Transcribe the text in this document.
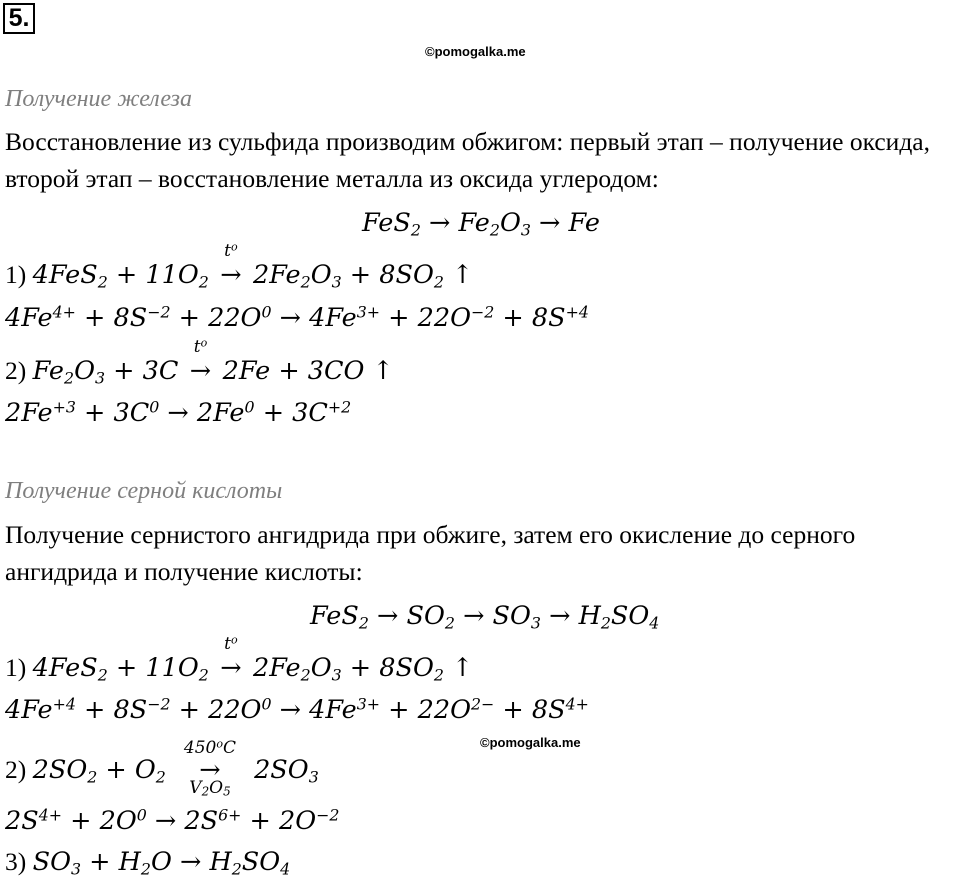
5.
©pomogalka.me
Получение железа
Восстановление из сульфида производим обжигом: первый этап – получение оксида, второй этап – восстановление металла из оксида углеродом:
$FeS_2 \to Fe_2O_3 \to Fe$
1) $4FeS_2 + 11O_2$
$t^o$
→ $2Fe_2O_3 + 8SO_2$ ↑
$4Fe^{4+} + 8S^{-2} + 22O^0 \to 4Fe^{3+} + 22O^{-2} + 8S^{+4}$
2) $Fe_2O_3 + 3C$
$t^o$
→ 2Fe + 3CO ↑
$2Fe^{+3} + 3C^0 \to 2Fe^0 + 3C^{+2}$
Получение серной кислоты
Получение сернистого ангидрида при обжиге, затем его окисление до серного ангидрида и получение кислоты:
$FeS_2 \to SO_2 \to SO_3 \to H_2SO_4$
1) $4FeS_2 + 11O_2$
$t^o$
→ $2Fe_2O_3 + 8SO_2$ ↑
$4Fe^{+4} + 8S^{-2} + 22O^0 \to 4Fe^{3+} + 22O^{2-} + 8S^{4+}$
©pomogalka.me
2) $2SO_2 + O_2$
$450^oC$
→
$V_2O_5$
$2SO_3$
$2S^{4+} + 2O^0 \to 2S^{6+} + 2O^{-2}$
3) $SO_3 + H_2O \to H_2SO_4$
